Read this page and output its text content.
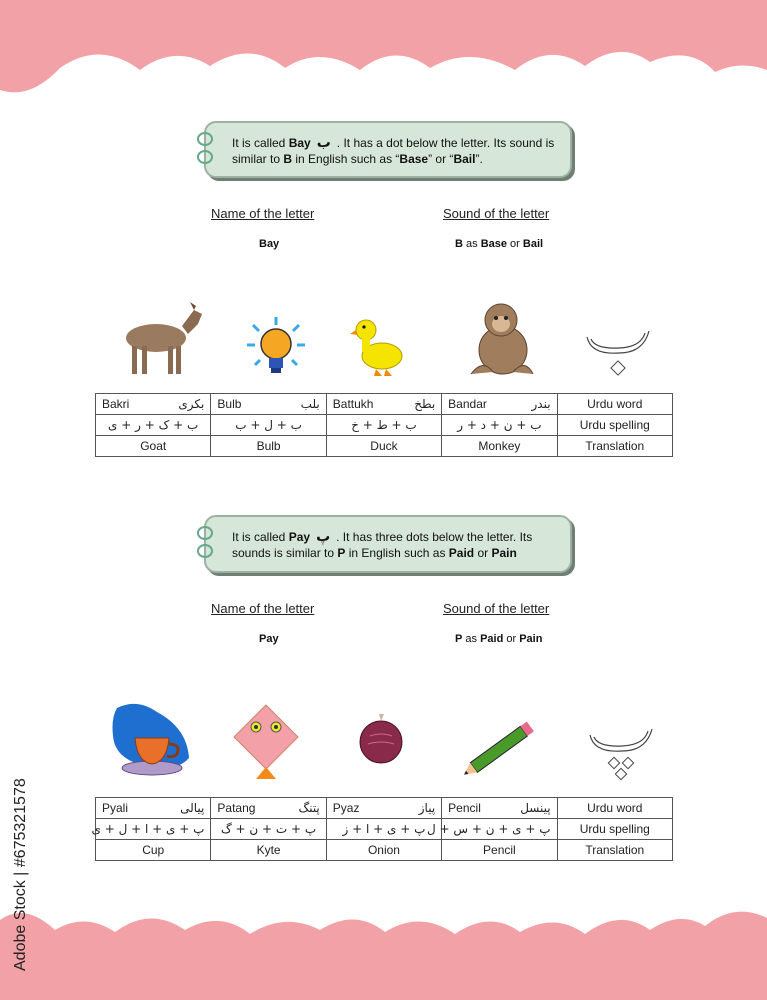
It is called Bay ب . It has a dot below the letter. Its sound is similar to B in English such as “Base” or “Bail”.
Name of the letter	Sound of the letter
Bay	B as Base or Bail
Bakri بکری	Bulb بلب	Battukh بطخ	Bandar بندر	Urdu word
ب + ک + ر + ی	ب + ل + ب	ب + ط + خ	ب + ن + د + ر	Urdu spelling
Goat	Bulb	Duck	Monkey	Translation
It is called Pay پ . It has three dots below the letter. Its sounds is similar to P in English such as Paid or Pain
Name of the letter	Sound of the letter
Pay	P as Paid or Pain
Pyali پیالی	Patang پتنگ	Pyaz پیاز	Pencil پینسل	Urdu word
پ + ی + ا + ل + ی	پ + ت + ن + گ	پ + ی + ا + ز	پ + ی + ن + س + ل	Urdu spelling
Cup	Kyte	Onion	Pencil	Translation
Adobe Stock | #675321578
